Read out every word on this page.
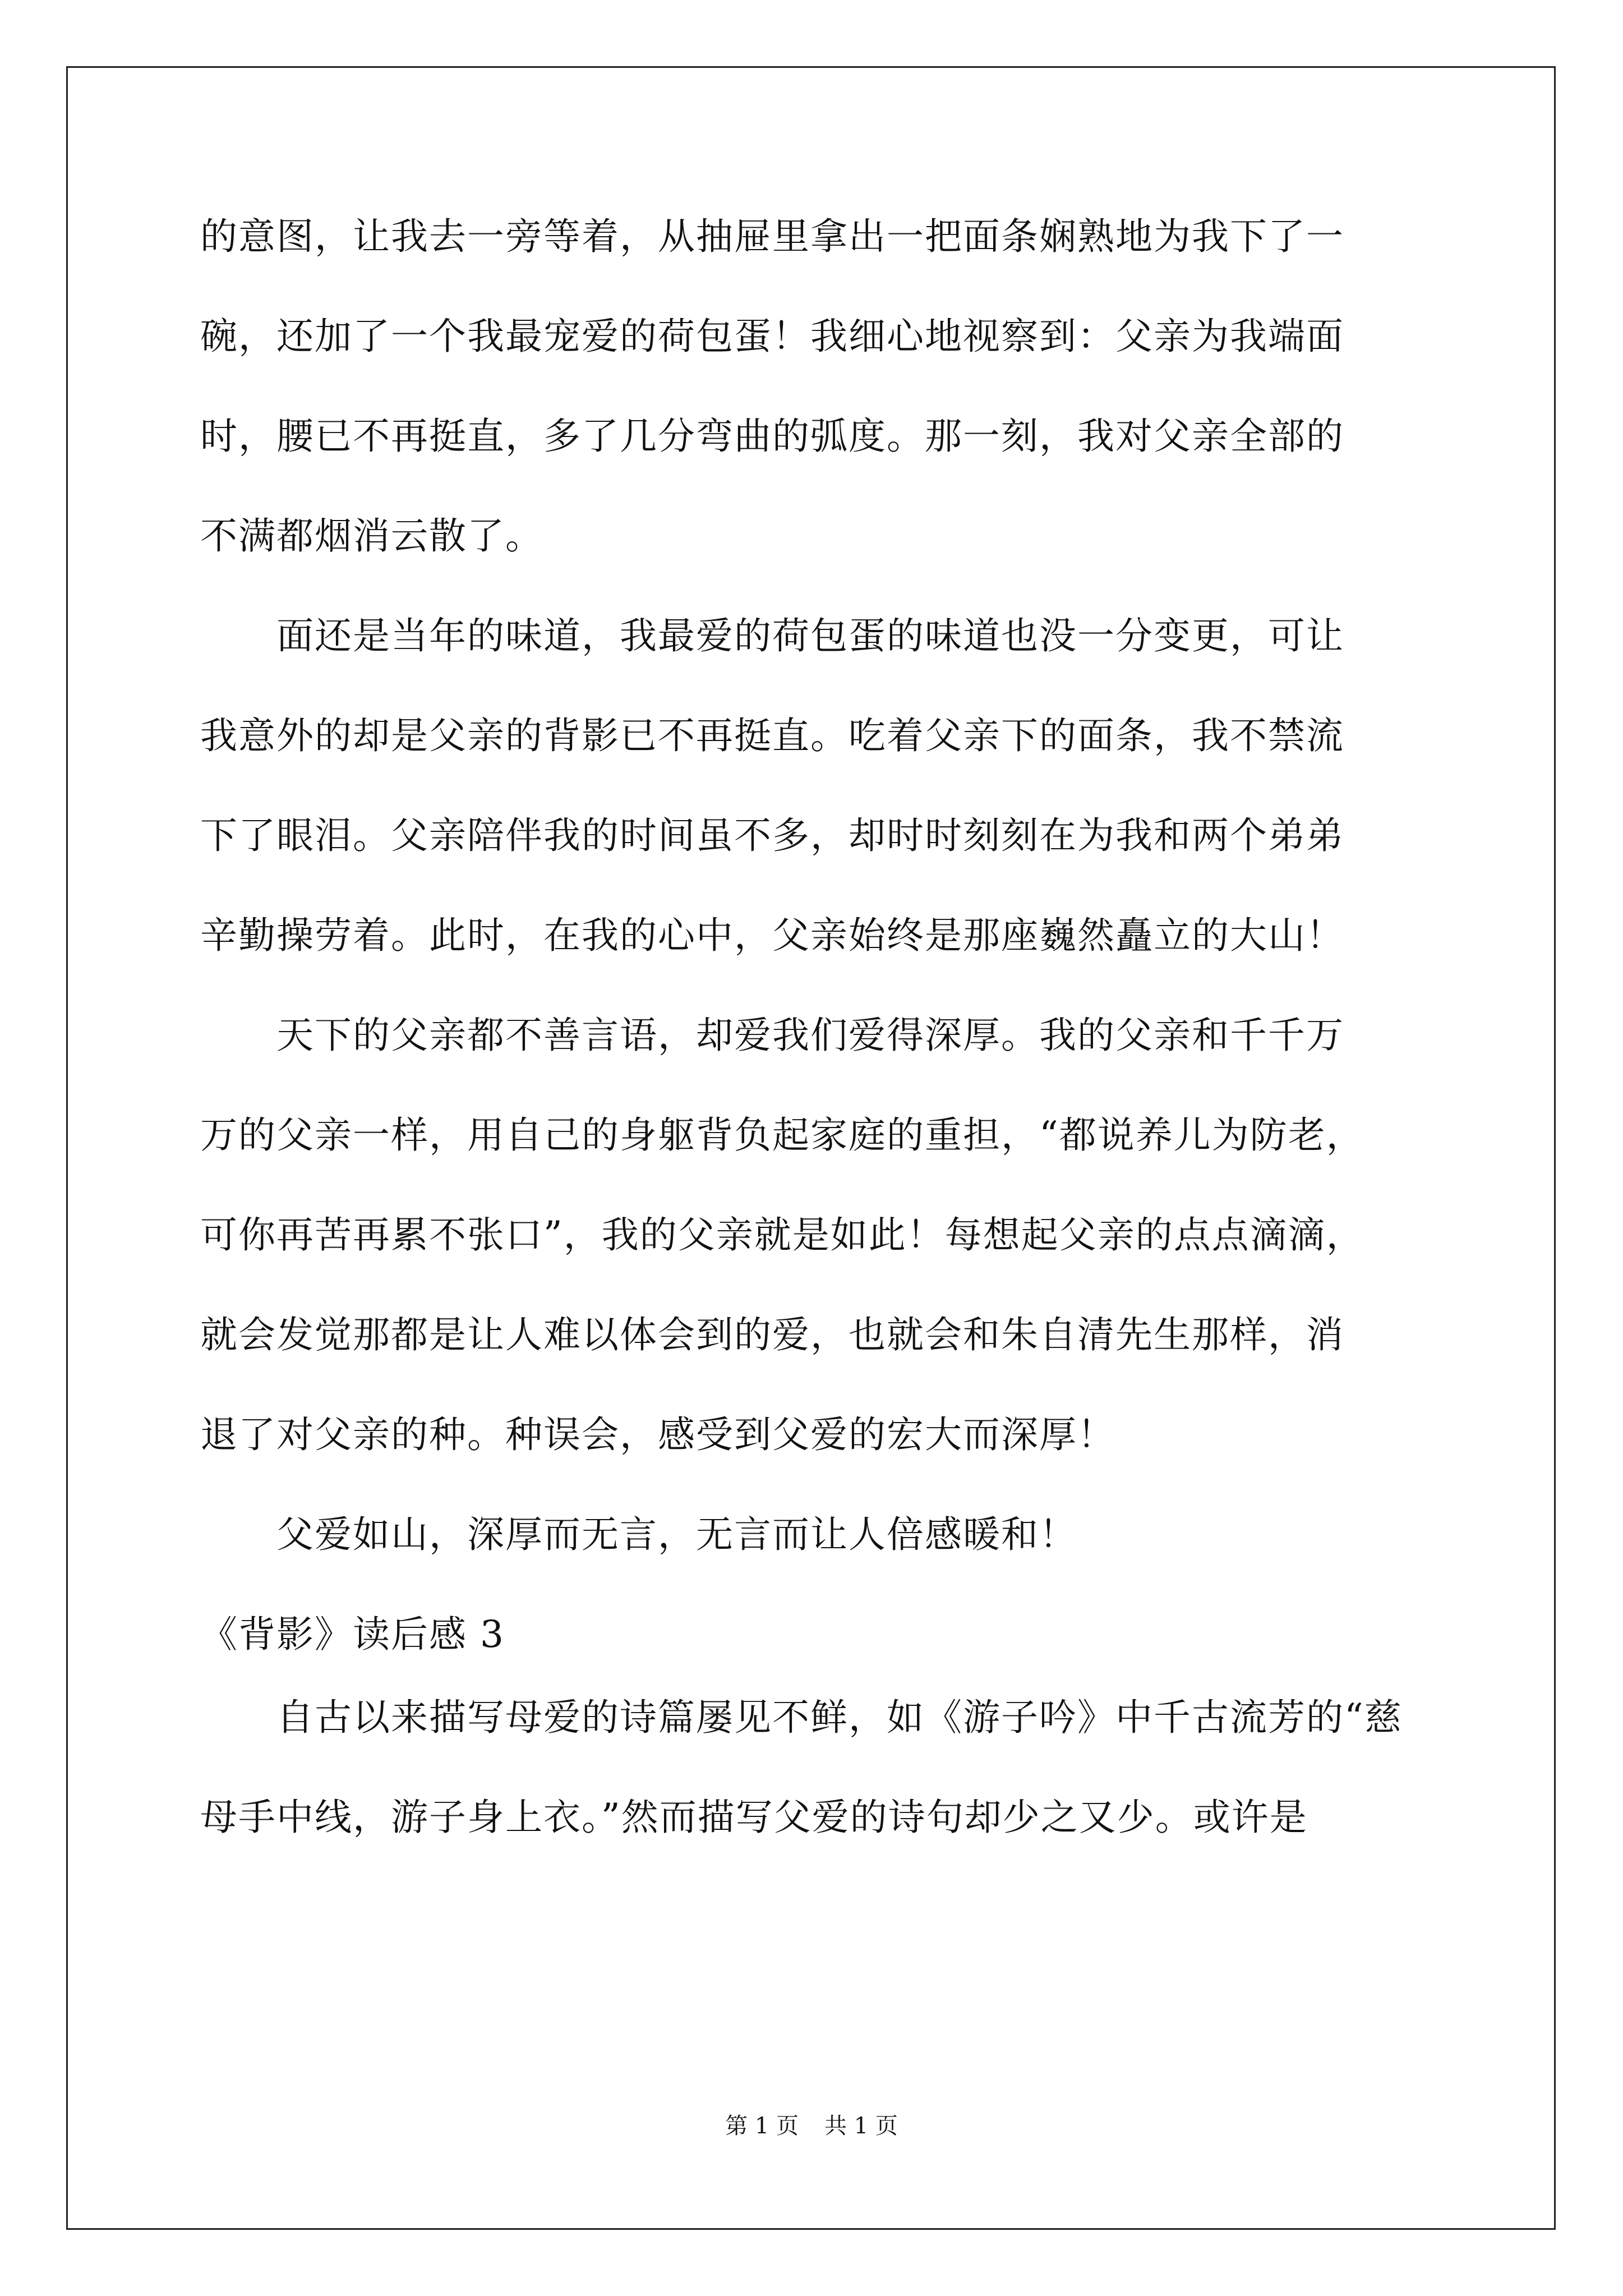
的意图，让我去一旁等着，从抽屉里拿出一把面条娴熟地为我下了一
碗，还加了一个我最宠爱的荷包蛋！我细心地视察到：父亲为我端面
时，腰已不再挺直，多了几分弯曲的弧度。那一刻，我对父亲全部的
不满都烟消云散了。
　　面还是当年的味道，我最爱的荷包蛋的味道也没一分变更，可让
我意外的却是父亲的背影已不再挺直。吃着父亲下的面条，我不禁流
下了眼泪。父亲陪伴我的时间虽不多，却时时刻刻在为我和两个弟弟
辛勤操劳着。此时，在我的心中，父亲始终是那座巍然矗立的大山！
　　天下的父亲都不善言语，却爱我们爱得深厚。我的父亲和千千万
万的父亲一样，用自己的身躯背负起家庭的重担，“都说养儿为防老，
可你再苦再累不张口”，我的父亲就是如此！每想起父亲的点点滴滴，
就会发觉那都是让人难以体会到的爱，也就会和朱自清先生那样，消
退了对父亲的种。种误会，感受到父爱的宏大而深厚！
　　父爱如山，深厚而无言，无言而让人倍感暖和！
《背影》读后感 3
　　自古以来描写母爱的诗篇屡见不鲜，如《游子吟》中千古流芳的“慈
母手中线，游子身上衣。”然而描写父爱的诗句却少之又少。或许是
第 1 页 共 1 页
